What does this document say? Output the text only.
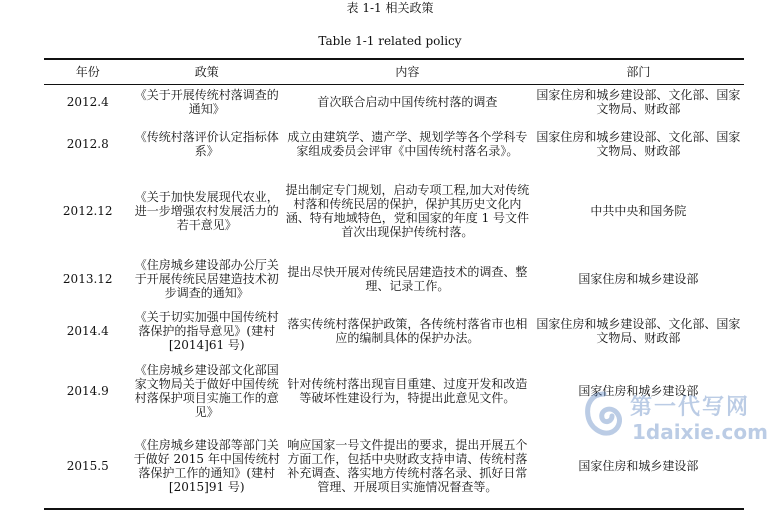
表 1-1 相关政策
Table 1-1 related policy
年份	政策	内容	部门
2012.4	《关于开展传统村落调查的通知》	首次联合启动中国传统村落的调查	国家住房和城乡建设部、文化部、国家文物局、财政部
2012.8	《传统村落评价认定指标体系》	成立由建筑学、遗产学、规划学等各个学科专家组成委员会评审《中国传统村落名录》。	国家住房和城乡建设部、文化部、国家文物局、财政部
2012.12	《关于加快发展现代农业，进一步增强农村发展活力的若干意见》	提出制定专门规划，启动专项工程,加大对传统村落和传统民居的保护，保护其历史文化内涵、特有地域特色，党和国家的年度 1 号文件首次出现保护传统村落。	中共中央和国务院
2013.12	《住房城乡建设部办公厅关于开展传统民居建造技术初步调查的通知》	提出尽快开展对传统民居建造技术的调查、整理、记录工作。	国家住房和城乡建设部
2014.4	《关于切实加强中国传统村落保护的指导意见》(建村[2014]61 号)	落实传统村落保护政策，各传统村落省市也相应的编制具体的保护办法。	国家住房和城乡建设部、文化部、国家文物局、财政部
2014.9	《住房城乡建设部文化部国家文物局关于做好中国传统村落保护项目实施工作的意见》	针对传统村落出现盲目重建、过度开发和改造等破坏性建设行为，特提出此意见文件。	国家住房和城乡建设部
2015.5	《住房城乡建设部等部门关于做好 2015 年中国传统村落保护工作的通知》(建村[2015]91 号)	响应国家一号文件提出的要求，提出开展五个方面工作，包括中央财政支持申请、传统村落补充调查、落实地方传统村落名录、抓好日常管理、开展项目实施情况督查等。	国家住房和城乡建设部
第一代写网
1daixie.com
